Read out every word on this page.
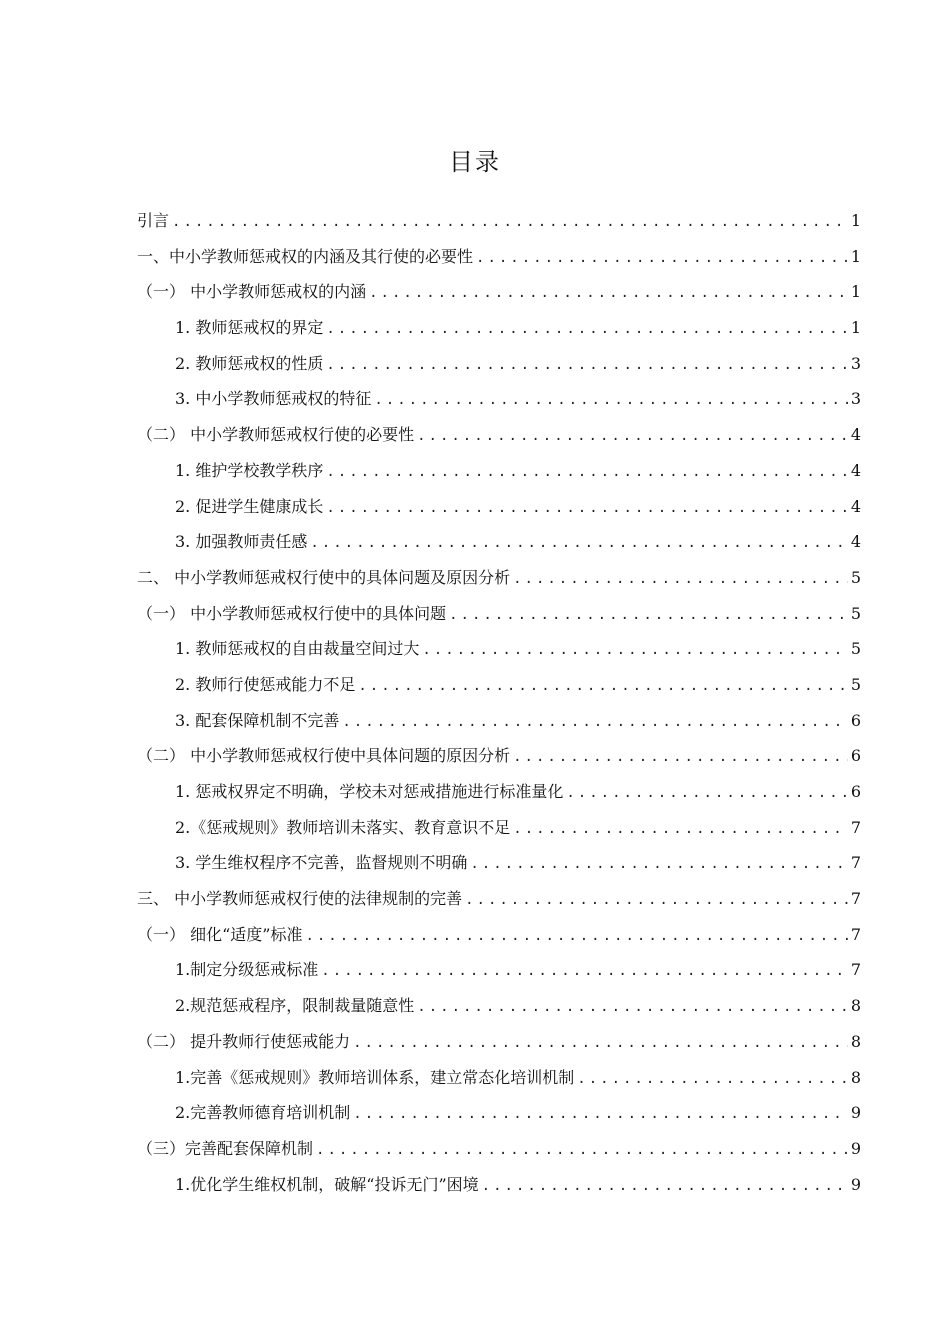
目录
引言 .....	1
一、中小学教师惩戒权的内涵及其行使的必要性 .....	1
（一） 中小学教师惩戒权的内涵 .....	1
1. 教师惩戒权的界定 .....	1
2. 教师惩戒权的性质 .....	3
3. 中小学教师惩戒权的特征 .....	3
（二） 中小学教师惩戒权行使的必要性 .....	4
1. 维护学校教学秩序 .....	4
2. 促进学生健康成长 .....	4
3. 加强教师责任感 .....	4
二、 中小学教师惩戒权行使中的具体问题及原因分析 .....	5
（一） 中小学教师惩戒权行使中的具体问题 .....	5
1. 教师惩戒权的自由裁量空间过大 .....	5
2. 教师行使惩戒能力不足 .....	5
3. 配套保障机制不完善 .....	6
（二） 中小学教师惩戒权行使中具体问题的原因分析 .....	6
1. 惩戒权界定不明确，学校未对惩戒措施进行标准量化 .....	6
2.《惩戒规则》教师培训未落实、教育意识不足 .....	7
3. 学生维权程序不完善，监督规则不明确 .....	7
三、 中小学教师惩戒权行使的法律规制的完善 .....	7
（一） 细化“适度”标准 .....	7
1.制定分级惩戒标准 .....	7
2.规范惩戒程序，限制裁量随意性 .....	8
（二） 提升教师行使惩戒能力 .....	8
1.完善《惩戒规则》教师培训体系，建立常态化培训机制 .....	8
2.完善教师德育培训机制 .....	9
（三）完善配套保障机制 .....	9
1.优化学生维权机制，破解“投诉无门”困境 .....	9
